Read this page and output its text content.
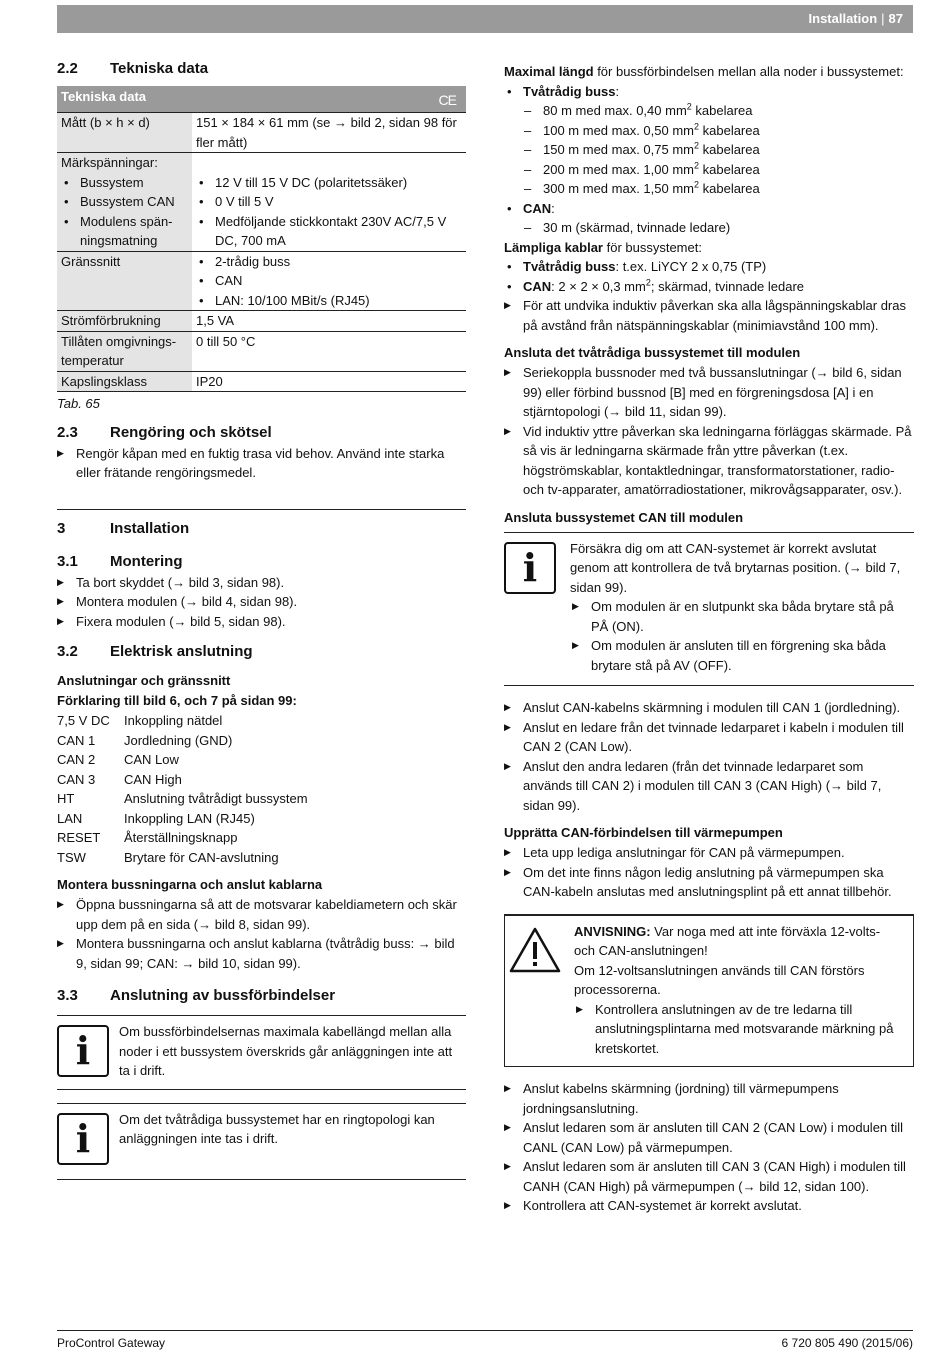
Installation | 87
2.2	Tekniska data
Tekniska data CE	

Mått (b × h × d)	151 × 184 × 61 mm (se → bild 2, sidan 98 för fler mått)
Märkspänningar:	

• Bussystem	• 12 V till 15 V DC (polaritetssäker)

• Bussystem CAN	• 0 V till 5 V

• Modulens spän-ningsmatning	• Medföljande stickkontakt 230V AC/7,5 V DC, 700 mA

Gränssnitt	• 2-trådig buss

	• CAN

	• LAN: 10/100 MBit/s (RJ45)

Strömförbrukning	1,5 VA
Tillåten omgivnings-temperatur	0 till 50 °C
Kapslingsklass	IP20
Tab. 65
2.3	Rengöring och skötsel

▶ Rengör kåpan med en fuktig trasa vid behov. Använd inte starka eller frätande rengöringsmedel.

3	Installation
3.1	Montering

▶ Ta bort skyddet (→ bild 3, sidan 98).

▶ Montera modulen (→ bild 4, sidan 98).

▶ Fixera modulen (→ bild 5, sidan 98).

3.2	Elektrisk anslutning
Anslutningar och gränssnitt
Förklaring till bild 6, och 7 på sidan 99:
7,5 V DC	Inkoppling nätdel
CAN 1	Jordledning (GND)
CAN 2	CAN Low
CAN 3	CAN High
HT	Anslutning tvåtrådigt bussystem
LAN	Inkoppling LAN (RJ45)
RESET	Återställningsknapp
TSW	Brytare för CAN-avslutning
Montera bussningarna och anslut kablarna

▶ Öppna bussningarna så att de motsvarar kabeldiametern och skär upp dem på en sida (→ bild 8, sidan 99).

▶ Montera bussningarna och anslut kablarna (tvåtrådig buss: → bild 9, sidan 99; CAN: → bild 10, sidan 99).

3.3	Anslutning av bussförbindelser
i	Om bussförbindelsernas maximala kabellängd mellan alla noder i ett bussystem överskrids går anläggningen inte att ta i drift.

i	Om det tvåtrådiga bussystemet har en ringtopologi kan anläggningen inte tas i drift.

Maximal längd för bussförbindelsen mellan alla noder i bussystemet:

• Tvåtrådig buss:
– 80 m med max. 0,40 $mm^2$ kabelarea
– 100 m med max. 0,50 $mm^2$ kabelarea
– 150 m med max. 0,75 $mm^2$ kabelarea
– 200 m med max. 1,00 $mm^2$ kabelarea
– 300 m med max. 1,50 $mm^2$ kabelarea
• CAN:
– 30 m (skärmad, tvinnade ledare)

Lämpliga kablar för bussystemet:

• Tvåtrådig buss: t.ex. LiYCY 2 x 0,75 (TP)
• CAN: 2 × 2 × 0,3 $mm^2$; skärmad, tvinnade ledare

▶ För att undvika induktiv påverkan ska alla lågspänningskablar dras på avstånd från nätspänningskablar (minimiavstånd 100 mm).

Ansluta det tvåtrådiga bussystemet till modulen

▶ Seriekoppla bussnoder med två bussanslutningar (→ bild 6, sidan 99) eller förbind bussnod [B] med en förgreningsdosa [A] i en stjärntopologi (→ bild 11, sidan 99).

▶ Vid induktiv yttre påverkan ska ledningarna förläggas skärmade. På så vis är ledningarna skärmade från yttre påverkan (t.ex. högströmskablar, kontaktledningar, transformatorstationer, radio- och tv-apparater, amatörradiostationer, mikrovågsapparater, osv.).

Ansluta bussystemet CAN till modulen
i	Försäkra dig om att CAN-systemet är korrekt avslutat genom att kontrollera de två brytarnas position. (→ bild 7, sidan 99).

▶ Om modulen är en slutpunkt ska båda brytare stå på PÅ (ON).

▶ Om modulen är ansluten till en förgrening ska båda brytare stå på AV (OFF).

▶ Anslut CAN-kabelns skärmning i modulen till CAN 1 (jordledning).

▶ Anslut en ledare från det tvinnade ledarparet i kabeln i modulen till CAN 2 (CAN Low).

▶ Anslut den andra ledaren (från det tvinnade ledarparet som används till CAN 2) i modulen till CAN 3 (CAN High) (→ bild 7, sidan 99).

Upprätta CAN-förbindelsen till värmepumpen

▶ Leta upp lediga anslutningar för CAN på värmepumpen.

▶ Om det inte finns någon ledig anslutning på värmepumpen ska CAN-kabeln anslutas med anslutningsplint på ett annat tillbehör.

ANVISNING: Var noga med att inte förväxla 12-volts- och CAN-anslutningen!

Om 12-voltsanslutningen används till CAN förstörs processorerna.

▶ Kontrollera anslutningen av de tre ledarna till anslutningsplintarna med motsvarande märkning på kretskortet.

▶ Anslut kabelns skärmning (jordning) till värmepumpens jordningsanslutning.

▶ Anslut ledaren som är ansluten till CAN 2 (CAN Low) i modulen till CANL (CAN Low) på värmepumpen.

▶ Anslut ledaren som är ansluten till CAN 3 (CAN High) i modulen till CANH (CAN High) på värmepumpen (→ bild 12, sidan 100).

▶ Kontrollera att CAN-systemet är korrekt avslutat.

ProControl Gateway	6 720 805 490 (2015/06)
